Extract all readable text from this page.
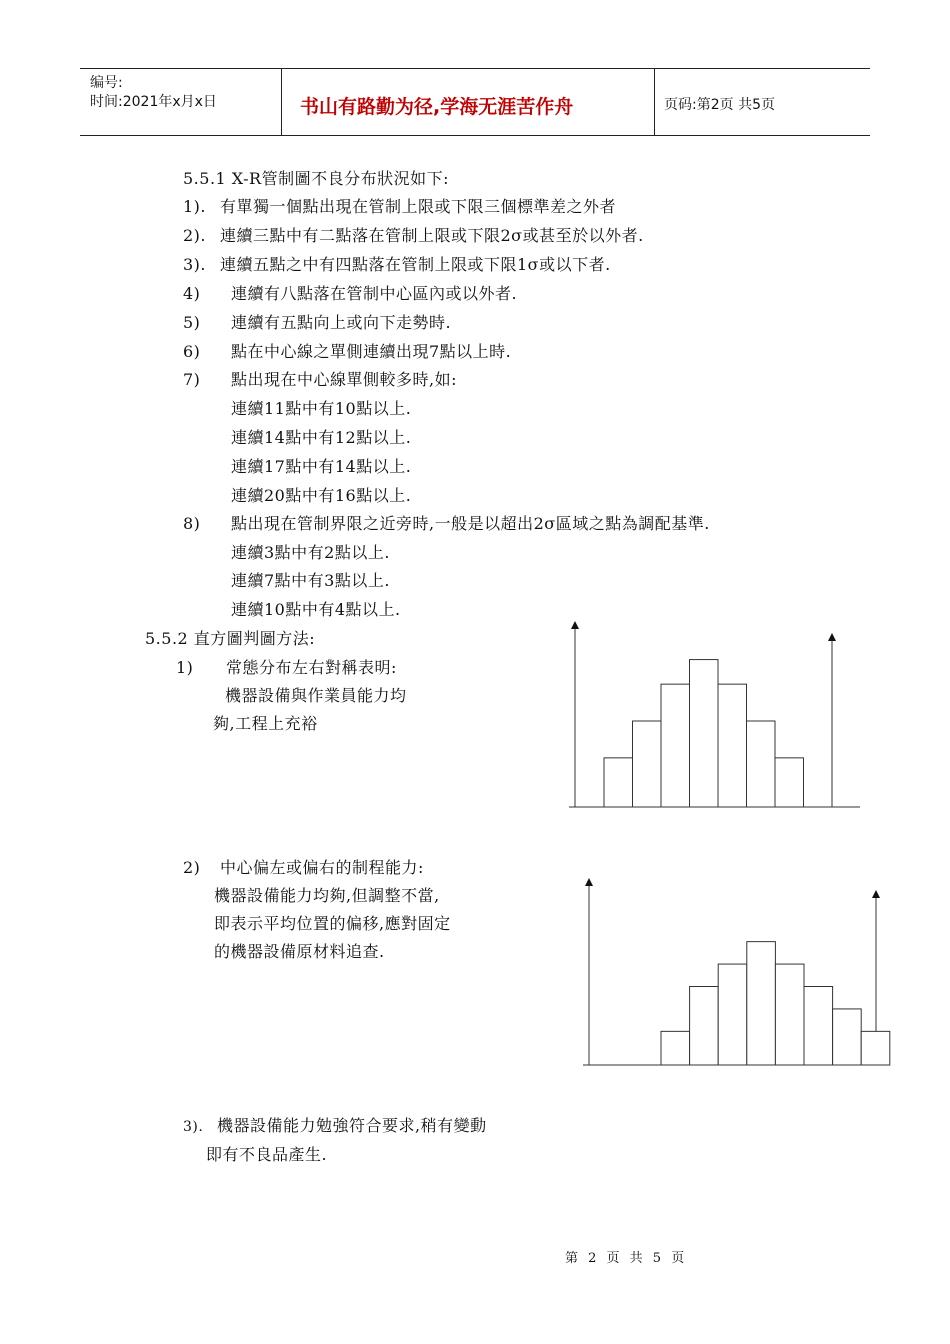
编号:
时间:2021年x月x日	书山有路勤为径,学海无涯苦作舟	页码:第2页 共5页
5.5.1 X-R管制圖不良分布狀況如下:
1). 有單獨一個點出現在管制上限或下限三個標準差之外者
2). 連續三點中有二點落在管制上限或下限2σ或甚至於以外者.
3). 連續五點之中有四點落在管制上限或下限1σ或以下者.
4) 連續有八點落在管制中心區內或以外者.
5) 連續有五點向上或向下走勢時.
6) 點在中心線之單側連續出現7點以上時.
7) 點出現在中心線單側較多時,如:
連續11點中有10點以上.
連續14點中有12點以上.
連續17點中有14點以上.
連續20點中有16點以上.
8) 點出現在管制界限之近旁時,一般是以超出2σ區域之點為調配基準.
連續3點中有2點以上.
連續7點中有3點以上.
連續10點中有4點以上.
5.5.2 直方圖判圖方法:
1) 常態分布左右對稱表明:
機器設備與作業員能力均
夠,工程上充裕
2) 中心偏左或偏右的制程能力:
機器設備能力均夠,但調整不當,
即表示平均位置的偏移,應對固定
的機器設備原材料追查.
3). 機器設備能力勉強符合要求,稍有變動
即有不良品產生.
第 2 页 共 5 页
